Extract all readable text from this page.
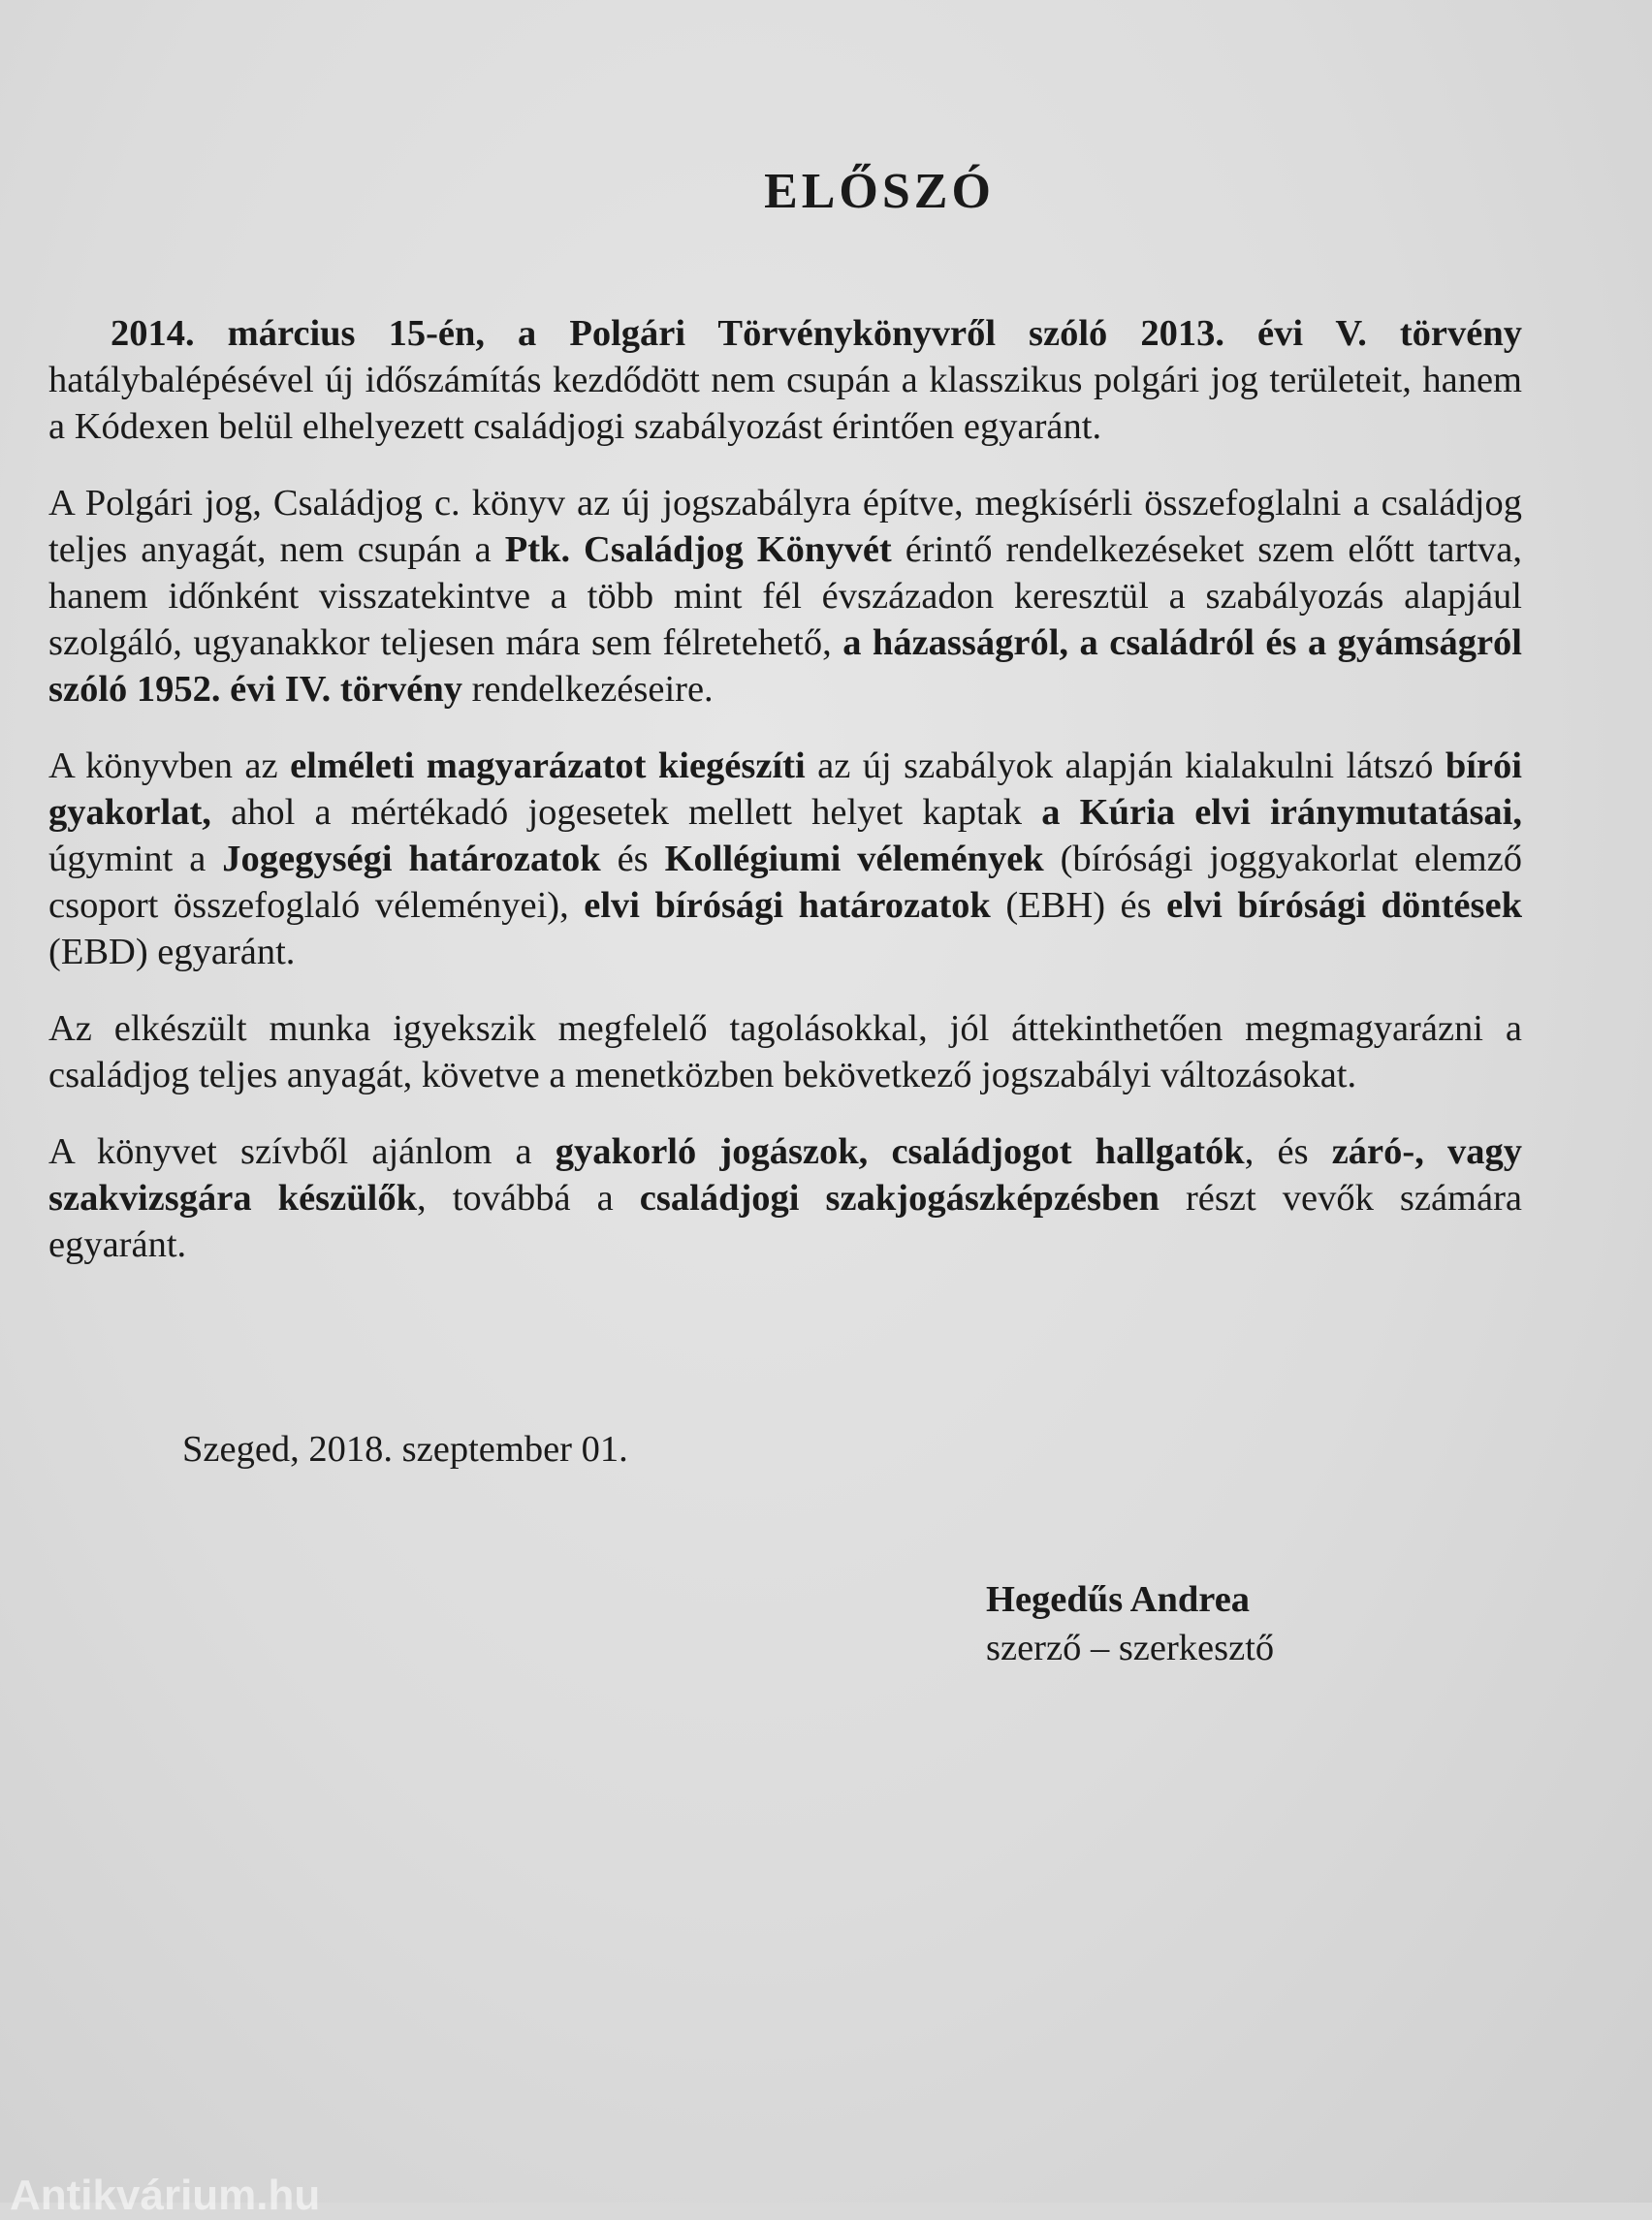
ELŐSZÓ

2014. március 15-én, a Polgári Törvénykönyvről szóló 2013. évi V. törvény hatálybalépésével új időszámítás kezdődött nem csupán a klasszikus polgári jog területeit, hanem a Kódexen belül elhelyezett családjogi szabályozást érintően egyaránt.

A Polgári jog, Családjog c. könyv az új jogszabályra építve, megkísérli összefoglalni a családjog teljes anyagát, nem csupán a Ptk. Családjog Könyvét érintő rendelkezéseket szem előtt tartva, hanem időnként visszatekintve a több mint fél évszázadon keresztül a szabályozás alapjául szolgáló, ugyanakkor teljesen mára sem félretehető, a házasságról, a családról és a gyámságról szóló 1952. évi IV. törvény rendelkezéseire.

A könyvben az elméleti magyarázatot kiegészíti az új szabályok alapján kialakulni látszó bírói gyakorlat, ahol a mértékadó jogesetek mellett helyet kaptak a Kúria elvi iránymutatásai, úgymint a Jogegységi határozatok és Kollégiumi vélemények (bírósági joggyakorlat elemző csoport összefoglaló véleményei), elvi bírósági határozatok (EBH) és elvi bírósági döntések (EBD) egyaránt.

Az elkészült munka igyekszik megfelelő tagolásokkal, jól áttekinthetően megmagyarázni a családjog teljes anyagát, követve a menetközben bekövetkező jogszabályi változásokat.

A könyvet szívből ajánlom a gyakorló jogászok, családjogot hallgatók, és záró-, vagy szakvizsgára készülők, továbbá a családjogi szakjogászképzésben részt vevők számára egyaránt.

Szeged, 2018. szeptember 01.
Hegedűs Andrea
szerző – szerkesztő
Antikvárium.hu
